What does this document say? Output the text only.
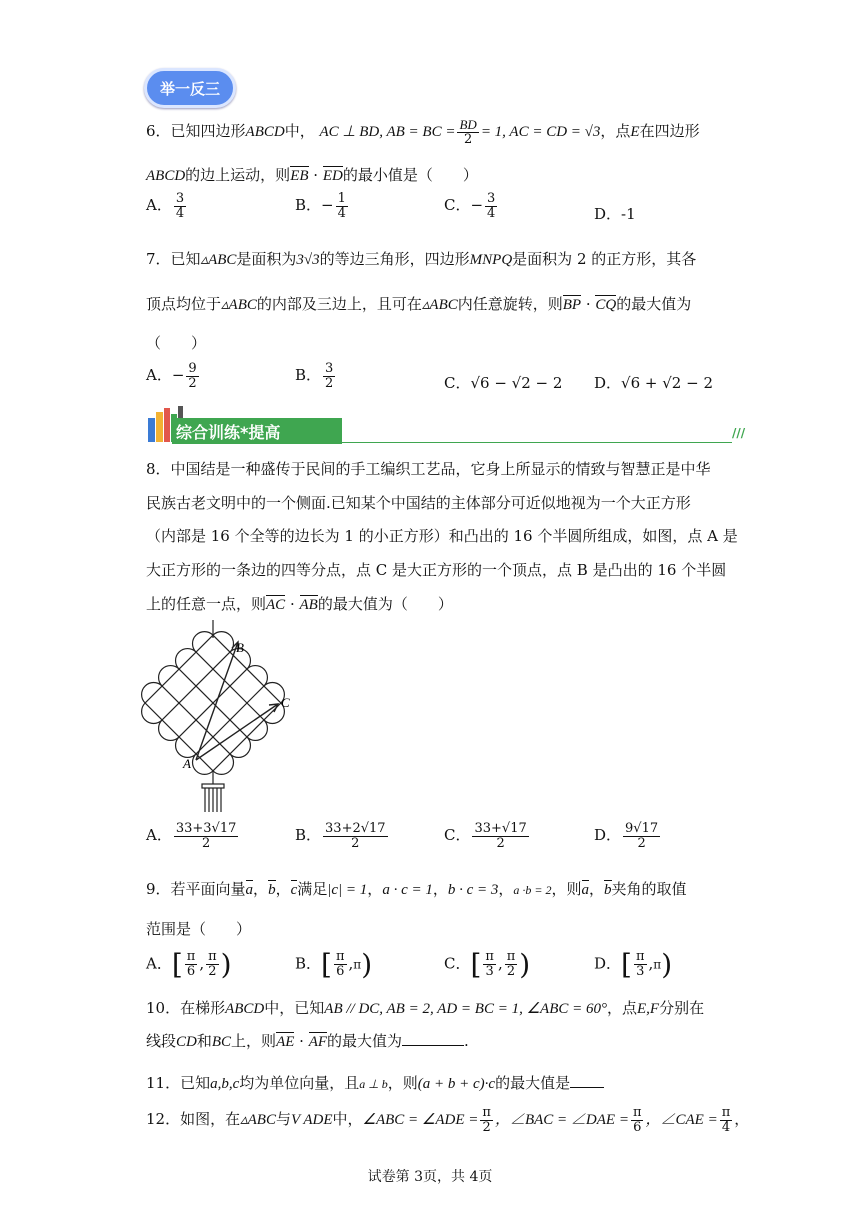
举一反三
6．已知四边形ABCD中， AC ⊥ BD, AB = BC = $\frac{BD}{2} = 1$, AC = CD = √3，点E在四边形
ABCD的边上运动，则EB · ED的最小值是（　　）
A． $\frac{3}{4}$	B．− $\frac{1}{4}$	C．− $\frac{3}{4}$	D．-1
7．已知▵ABC是面积为3√3的等边三角形，四边形MNPQ是面积为 2 的正方形，其各
顶点均位于▵ABC的内部及三边上，且可在▵ABC内任意旋转，则BP · CQ的最大值为
（　　）
A．− $\frac{9}{2}$	B． $\frac{3}{2}$	C．√6 − √2 − 2 D．√6 + √2 − 2
综合训练*提高	///
8．中国结是一种盛传于民间的手工编织工艺品，它身上所显示的情致与智慧正是中华
民族古老文明中的一个侧面.已知某个中国结的主体部分可近似地视为一个大正方形
（内部是 16 个全等的边长为 1 的小正方形）和凸出的 16 个半圆所组成，如图，点 A 是
大正方形的一条边的四等分点，点 C 是大正方形的一个顶点，点 B 是凸出的 16 个半圆
上的任意一点，则AC · AB的最大值为（　　）
B
C
A
A． $\frac{33+3√17}{2}$	B． $\frac{33+2√17}{2}$	C． $\frac{33+√17}{2}$	D． $\frac{9√17}{2}$
9．若平面向量a，b，c满足|c| = 1，a · c = 1，b · c = 3，a ·b = 2，则a，b夹角的取值
范围是（　　）
A．[ $\frac{\pi}{6}$ , $\frac{\pi}{2}$ )	B．[ $\frac{\pi}{6} ,\pi$)	C．[ $\frac{\pi}{3}$ , $\frac{\pi}{2}$ )	D．[ $\frac{\pi}{3} ,\pi$)
10．在梯形ABCD中，已知AB // DC, AB = 2, AD = BC = 1, ∠ABC = 60°，点E,F分别在
线段CD和BC上，则AE · AF的最大值为	.
11．已知a,b,c均为单位向量，且a ⊥ b，则(a + b + c)·c的最大值是
12．如图，在▵ABC与V ADE中，∠ABC = ∠ADE = $\frac{\pi}{2}$ ，∠BAC = ∠DAE = $\frac{\pi}{6}$ ，∠CAE = $\frac{\pi}{4}$ ，
试卷第 3页，共 4页
